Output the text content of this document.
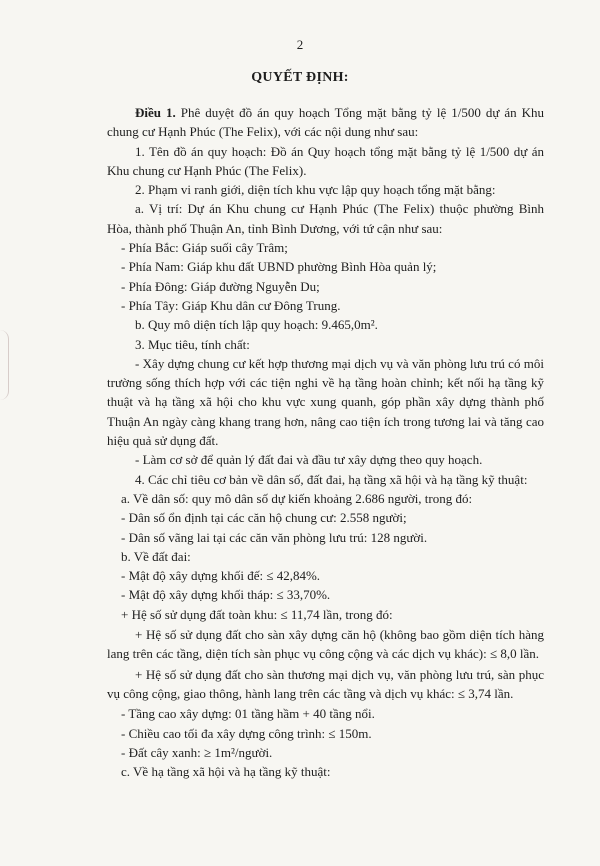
2
QUYẾT ĐỊNH:

Điều 1. Phê duyệt đồ án quy hoạch Tổng mặt bằng tỷ lệ 1/500 dự án Khu chung cư Hạnh Phúc (The Felix), với các nội dung như sau:

1. Tên đồ án quy hoạch: Đồ án Quy hoạch tổng mặt bằng tỷ lệ 1/500 dự án Khu chung cư Hạnh Phúc (The Felix).

2. Phạm vi ranh giới, diện tích khu vực lập quy hoạch tổng mặt bằng:

a. Vị trí: Dự án Khu chung cư Hạnh Phúc (The Felix) thuộc phường Bình Hòa, thành phố Thuận An, tỉnh Bình Dương, với tứ cận như sau:

- Phía Bắc: Giáp suối cây Trâm;

- Phía Nam: Giáp khu đất UBND phường Bình Hòa quản lý;

- Phía Đông: Giáp đường Nguyễn Du;

- Phía Tây: Giáp Khu dân cư Đông Trung.

b. Quy mô diện tích lập quy hoạch: 9.465,0m².

3. Mục tiêu, tính chất:

- Xây dựng chung cư kết hợp thương mại dịch vụ và văn phòng lưu trú có môi trường sống thích hợp với các tiện nghi về hạ tầng hoàn chỉnh; kết nối hạ tầng kỹ thuật và hạ tầng xã hội cho khu vực xung quanh, góp phần xây dựng thành phố Thuận An ngày càng khang trang hơn, nâng cao tiện ích trong tương lai và tăng cao hiệu quả sử dụng đất.

- Làm cơ sở để quản lý đất đai và đầu tư xây dựng theo quy hoạch.

4. Các chỉ tiêu cơ bản về dân số, đất đai, hạ tầng xã hội và hạ tầng kỹ thuật:

a. Về dân số: quy mô dân số dự kiến khoảng 2.686 người, trong đó:

- Dân số ổn định tại các căn hộ chung cư: 2.558 người;

- Dân số vãng lai tại các căn văn phòng lưu trú: 128 người.

b. Về đất đai:

- Mật độ xây dựng khối đế: ≤ 42,84%.

- Mật độ xây dựng khối tháp: ≤ 33,70%.

+ Hệ số sử dụng đất toàn khu: ≤ 11,74 lần, trong đó:

+ Hệ số sử dụng đất cho sàn xây dựng căn hộ (không bao gồm diện tích hàng lang trên các tầng, diện tích sàn phục vụ công cộng và các dịch vụ khác): ≤ 8,0 lần.

+ Hệ số sử dụng đất cho sàn thương mại dịch vụ, văn phòng lưu trú, sàn phục vụ công cộng, giao thông, hành lang trên các tầng và dịch vụ khác: ≤ 3,74 lần.

- Tầng cao xây dựng: 01 tầng hầm + 40 tầng nổi.

- Chiều cao tối đa xây dựng công trình: ≤ 150m.

- Đất cây xanh: ≥ 1m²/người.

c. Về hạ tầng xã hội và hạ tầng kỹ thuật:
